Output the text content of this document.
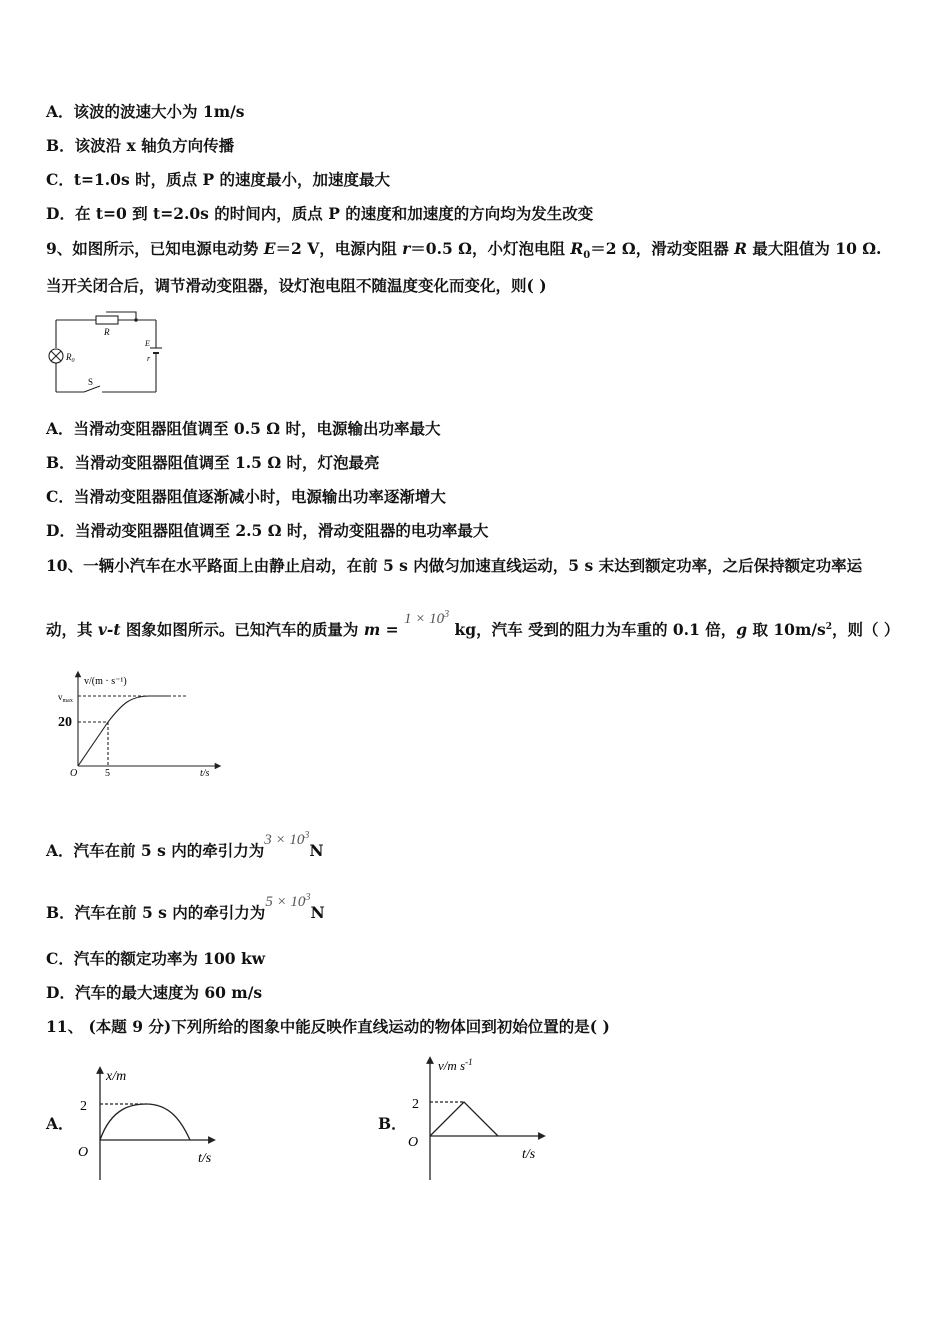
A．该波的波速大小为 1m/s
B．该波沿 x 轴负方向传播
C．t=1.0s 时，质点 P 的速度最小，加速度最大
D．在 t=0 到 t=2.0s 的时间内，质点 P 的速度和加速度的方向均为发生改变
9、如图所示，已知电源电动势 E＝2 V，电源内阻 r＝0.5 Ω，小灯泡电阻 $R_0=2$ Ω，滑动变阻器 R 最大阻值为 10 Ω.
当开关闭合后，调节滑动变阻器，设灯泡电阻不随温度变化而变化，则( )
R
$R_0$
E
r
S
A．当滑动变阻器阻值调至 0.5 Ω 时，电源输出功率最大
B．当滑动变阻器阻值调至 1.5 Ω 时，灯泡最亮
C．当滑动变阻器阻值逐渐减小时，电源输出功率逐渐增大
D．当滑动变阻器阻值调至 2.5 Ω 时，滑动变阻器的电功率最大
10、一辆小汽车在水平路面上由静止启动，在前 5 s 内做匀加速直线运动，5 s 末达到额定功率，之后保持额定功率运
动，其 v-t 图象如图所示。已知汽车的质量为 $m = 1 \times 10^3$ kg，汽车 受到的阻力为车重的 0.1 倍，g 取 $10m/s^2$，则（ ）
v/(m · s⁻¹)
$v_{max}$
20
O	5	t/s
A．汽车在前 5 s 内的牵引力为$3 \times 10^3N$
B．汽车在前 5 s 内的牵引力为$5 \times 10^3N$
C．汽车的额定功率为 100 kw
D．汽车的最大速度为 60 m/s
11、 (本题 9 分)下列所给的图象中能反映作直线运动的物体回到初始位置的是( )
A．
x/m
2
O	t/s
B．
v/m $s^{-1}$
2
O
t/s
